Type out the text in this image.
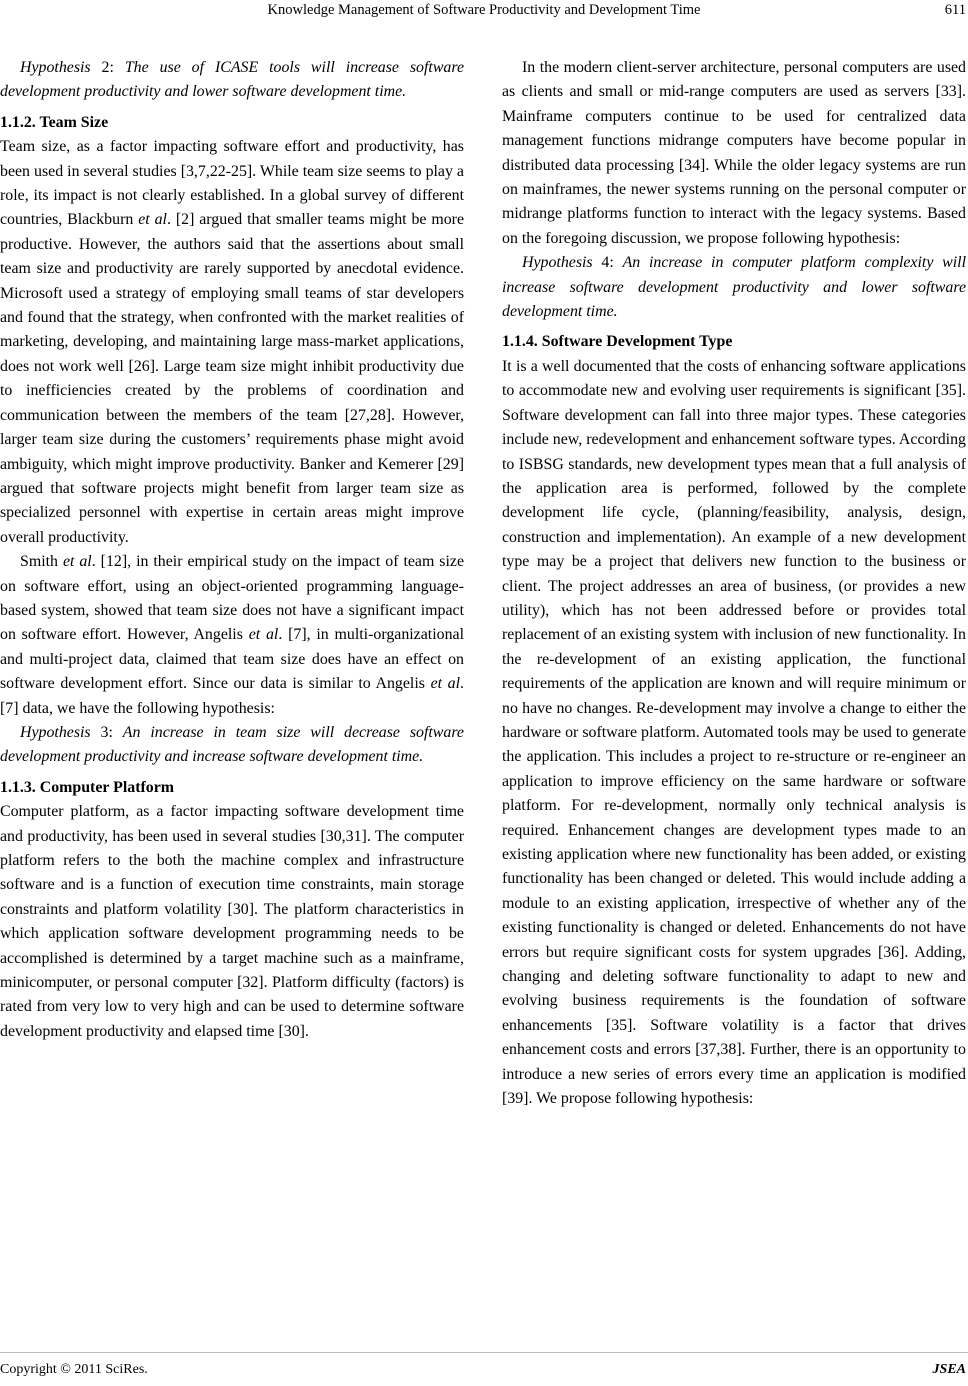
Knowledge Management of Software Productivity and Development Time	611

Hypothesis 2: The use of ICASE tools will increase software development productivity and lower software development time.

1.1.2. Team Size

Team size, as a factor impacting software effort and productivity, has been used in several studies [3,7,22-25]. While team size seems to play a role, its impact is not clearly established. In a global survey of different countries, Blackburn et al. [2] argued that smaller teams might be more productive. However, the authors said that the assertions about small team size and productivity are rarely supported by anecdotal evidence. Microsoft used a strategy of employing small teams of star developers and found that the strategy, when confronted with the market realities of marketing, developing, and maintaining large mass-market applications, does not work well [26]. Large team size might inhibit productivity due to inefficiencies created by the problems of coordination and communication between the members of the team [27,28]. However, larger team size during the customers’ requirements phase might avoid ambiguity, which might improve productivity. Banker and Kemerer [29] argued that software projects might benefit from larger team size as specialized personnel with expertise in certain areas might improve overall productivity.

Smith et al. [12], in their empirical study on the impact of team size on software effort, using an object-oriented programming language-based system, showed that team size does not have a significant impact on software effort. However, Angelis et al. [7], in multi-organizational and multi-project data, claimed that team size does have an effect on software development effort. Since our data is similar to Angelis et al. [7] data, we have the following hypothesis:

Hypothesis 3: An increase in team size will decrease software development productivity and increase software development time.

1.1.3. Computer Platform

Computer platform, as a factor impacting software development time and productivity, has been used in several studies [30,31]. The computer platform refers to the both the machine complex and infrastructure software and is a function of execution time constraints, main storage constraints and platform volatility [30]. The platform characteristics in which application software development programming needs to be accomplished is determined by a target machine such as a mainframe, minicomputer, or personal computer [32]. Platform difficulty (factors) is rated from very low to very high and can be used to determine software development productivity and elapsed time [30].

In the modern client-server architecture, personal computers are used as clients and small or mid-range computers are used as servers [33]. Mainframe computers continue to be used for centralized data management functions midrange computers have become popular in distributed data processing [34]. While the older legacy systems are run on mainframes, the newer systems running on the personal computer or midrange platforms function to interact with the legacy systems. Based on the foregoing discussion, we propose following hypothesis:

Hypothesis 4: An increase in computer platform complexity will increase software development productivity and lower software development time.

1.1.4. Software Development Type

It is a well documented that the costs of enhancing software applications to accommodate new and evolving user requirements is significant [35]. Software development can fall into three major types. These categories include new, redevelopment and enhancement software types. According to ISBSG standards, new development types mean that a full analysis of the application area is performed, followed by the complete development life cycle, (planning/feasibility, analysis, design, construction and implementation). An example of a new development type may be a project that delivers new function to the business or client. The project addresses an area of business, (or provides a new utility), which has not been addressed before or provides total replacement of an existing system with inclusion of new functionality. In the re-development of an existing application, the functional requirements of the application are known and will require minimum or no have no changes. Re-development may involve a change to either the hardware or software platform. Automated tools may be used to generate the application. This includes a project to re-structure or re-engineer an application to improve efficiency on the same hardware or software platform. For re-development, normally only technical analysis is required. Enhancement changes are development types made to an existing application where new functionality has been added, or existing functionality has been changed or deleted. This would include adding a module to an existing application, irrespective of whether any of the existing functionality is changed or deleted. Enhancements do not have errors but require significant costs for system upgrades [36]. Adding, changing and deleting software functionality to adapt to new and evolving business requirements is the foundation of software enhancements [35]. Software volatility is a factor that drives enhancement costs and errors [37,38]. Further, there is an opportunity to introduce a new series of errors every time an application is modified [39]. We propose following hypothesis:

Copyright © 2011 SciRes.	JSEA
